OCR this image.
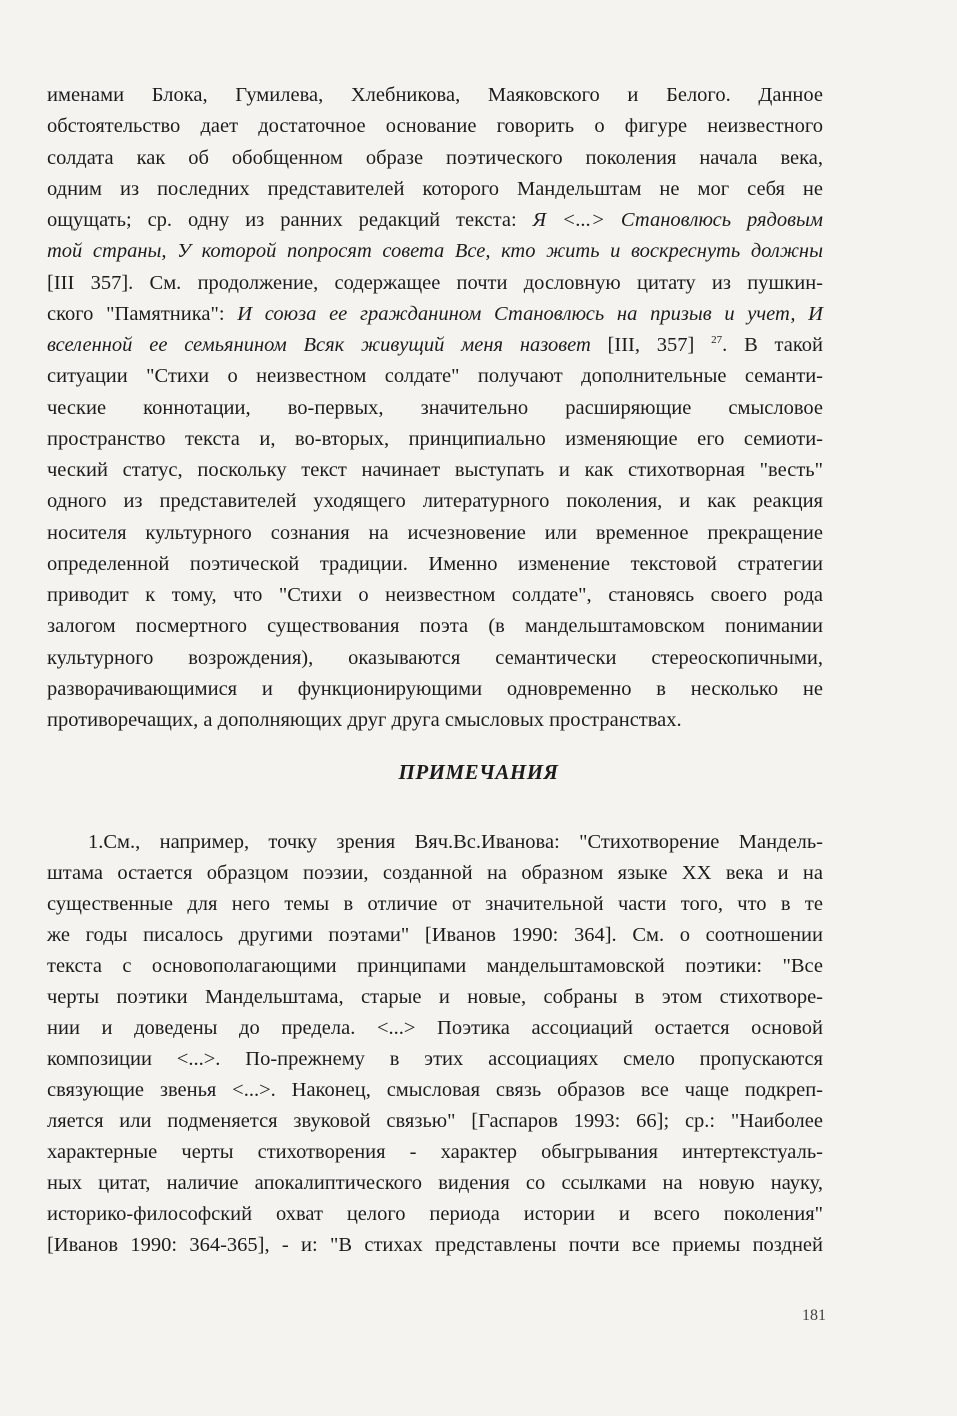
именами Блока, Гумилева, Хлебникова, Маяковского и Белого. Данное
обстоятельство дает достаточное основание говорить о фигуре неизвестного
солдата как об обобщенном образе поэтического поколения начала века,
одним из последних представителей которого Мандельштам не мог себя не
ощущать; ср. одну из ранних редакций текста: Я <...> Становлюсь рядовым
той страны, У которой попросят совета Все, кто жить и воскреснуть должны
[III 357]. См. продолжение, содержащее почти дословную цитату из пушкин-
ского "Памятника": И союза ее гражданином Становлюсь на призыв и учет, И
вселенной ее семьянином Всяк живущий меня назовет [III, 357] $^{27}$. В такой
ситуации "Стихи о неизвестном солдате" получают дополнительные семанти-
ческие коннотации, во-первых, значительно расширяющие смысловое
пространство текста и, во-вторых, принципиально изменяющие его семиоти-
ческий статус, поскольку текст начинает выступать и как стихотворная "весть"
одного из представителей уходящего литературного поколения, и как реакция
носителя культурного сознания на исчезновение или временное прекращение
определенной поэтической традиции. Именно изменение текстовой стратегии
приводит к тому, что "Стихи о неизвестном солдате", становясь своего рода
залогом посмертного существования поэта (в мандельштамовском понимании
культурного возрождения), оказываются семантически стереоскопичными,
разворачивающимися и функционирующими одновременно в несколько не
противоречащих, а дополняющих друг друга смысловых пространствах.
ПРИМЕЧАНИЯ
1.См., например, точку зрения Вяч.Вс.Иванова: "Стихотворение Мандель-
штама остается образцом поэзии, созданной на образном языке XX века и на
существенные для него темы в отличие от значительной части того, что в те
же годы писалось другими поэтами" [Иванов 1990: 364]. См. о соотношении
текста с основополагающими принципами мандельштамовской поэтики: "Все
черты поэтики Мандельштама, старые и новые, собраны в этом стихотворе-
нии и доведены до предела. <...> Поэтика ассоциаций остается основой
композиции <...>. По-прежнему в этих ассоциациях смело пропускаются
связующие звенья <...>. Наконец, смысловая связь образов все чаще подкреп-
ляется или подменяется звуковой связью" [Гаспаров 1993: 66]; ср.: "Наиболее
характерные черты стихотворения - характер обыгрывания интертекстуаль-
ных цитат, наличие апокалиптического видения со ссылками на новую науку,
историко-философский охват целого периода истории и всего поколения"
[Иванов 1990: 364-365], - и: "В стихах представлены почти все приемы поздней
181
